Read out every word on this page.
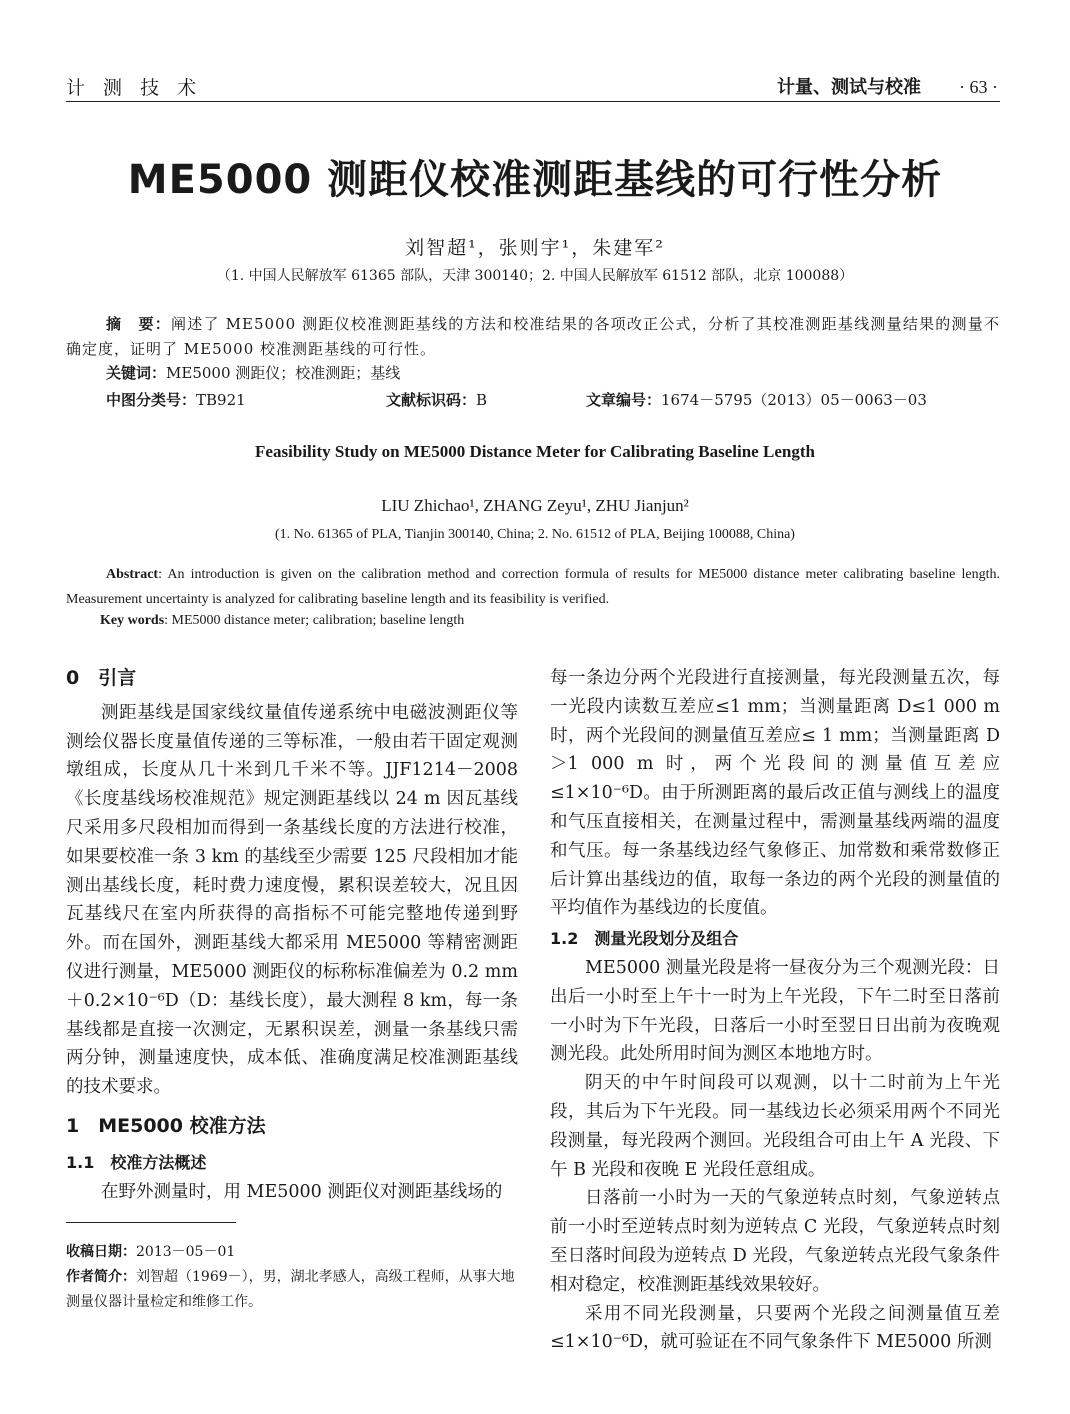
计 测 技 术	计量、测试与校准 · 63 ·
ME5000 测距仪校准测距基线的可行性分析
刘智超¹，张则宇¹，朱建军²
（1. 中国人民解放军 61365 部队，天津 300140；2. 中国人民解放军 61512 部队，北京 100088）
摘　要：阐述了 ME5000 测距仪校准测距基线的方法和校准结果的各项改正公式，分析了其校准测距基线测量结果的测量不确定度，证明了 ME5000 校准测距基线的可行性。
关键词：ME5000 测距仪；校准测距；基线
中图分类号：TB921	文献标识码：B	文章编号：1674－5795（2013）05－0063－03
Feasibility Study on ME5000 Distance Meter for Calibrating Baseline Length
LIU Zhichao¹, ZHANG Zeyu¹, ZHU Jianjun²
(1. No. 61365 of PLA, Tianjin 300140, China; 2. No. 61512 of PLA, Beijing 100088, China)
Abstract: An introduction is given on the calibration method and correction formula of results for ME5000 distance meter calibrating baseline length. Measurement uncertainty is analyzed for calibrating baseline length and its feasibility is verified.
Key words: ME5000 distance meter; calibration; baseline length
0　引言

测距基线是国家线纹量值传递系统中电磁波测距仪等测绘仪器长度量值传递的三等标准，一般由若干固定观测墩组成，长度从几十米到几千米不等。JJF1214－2008《长度基线场校准规范》规定测距基线以 24 m 因瓦基线尺采用多尺段相加而得到一条基线长度的方法进行校准，如果要校准一条 3 km 的基线至少需要 125 尺段相加才能测出基线长度，耗时费力速度慢，累积误差较大，况且因瓦基线尺在室内所获得的高指标不可能完整地传递到野外。而在国外，测距基线大都采用 ME5000 等精密测距仪进行测量，ME5000 测距仪的标称标准偏差为 0.2 mm＋0.2×10⁻⁶D（D：基线长度），最大测程 8 km，每一条基线都是直接一次测定，无累积误差，测量一条基线只需两分钟，测量速度快，成本低、准确度满足校准测距基线的技术要求。

1　ME5000 校准方法
1.1　校准方法概述

在野外测量时，用 ME5000 测距仪对测距基线场的

收稿日期：2013－05－01
作者简介：刘智超（1969－），男，湖北孝感人，高级工程师，从事大地测量仪器计量检定和维修工作。

每一条边分两个光段进行直接测量，每光段测量五次，每一光段内读数互差应≤1 mm；当测量距离 D≤1 000 m 时，两个光段间的测量值互差应≤ 1 mm；当测量距离 D＞1 000 m 时，两个光段间的测量值互差应≤1×10⁻⁶D。由于所测距离的最后改正值与测线上的温度和气压直接相关，在测量过程中，需测量基线两端的温度和气压。每一条基线边经气象修正、加常数和乘常数修正后计算出基线边的值，取每一条边的两个光段的测量值的平均值作为基线边的长度值。

1.2　测量光段划分及组合

ME5000 测量光段是将一昼夜分为三个观测光段：日出后一小时至上午十一时为上午光段，下午二时至日落前一小时为下午光段，日落后一小时至翌日日出前为夜晚观测光段。此处所用时间为测区本地地方时。

阴天的中午时间段可以观测，以十二时前为上午光段，其后为下午光段。同一基线边长必须采用两个不同光段测量，每光段两个测回。光段组合可由上午 A 光段、下午 B 光段和夜晚 E 光段任意组成。

日落前一小时为一天的气象逆转点时刻，气象逆转点前一小时至逆转点时刻为逆转点 C 光段，气象逆转点时刻至日落时间段为逆转点 D 光段，气象逆转点光段气象条件相对稳定，校准测距基线效果较好。

采用不同光段测量，只要两个光段之间测量值互差≤1×10⁻⁶D，就可验证在不同气象条件下 ME5000 所测
